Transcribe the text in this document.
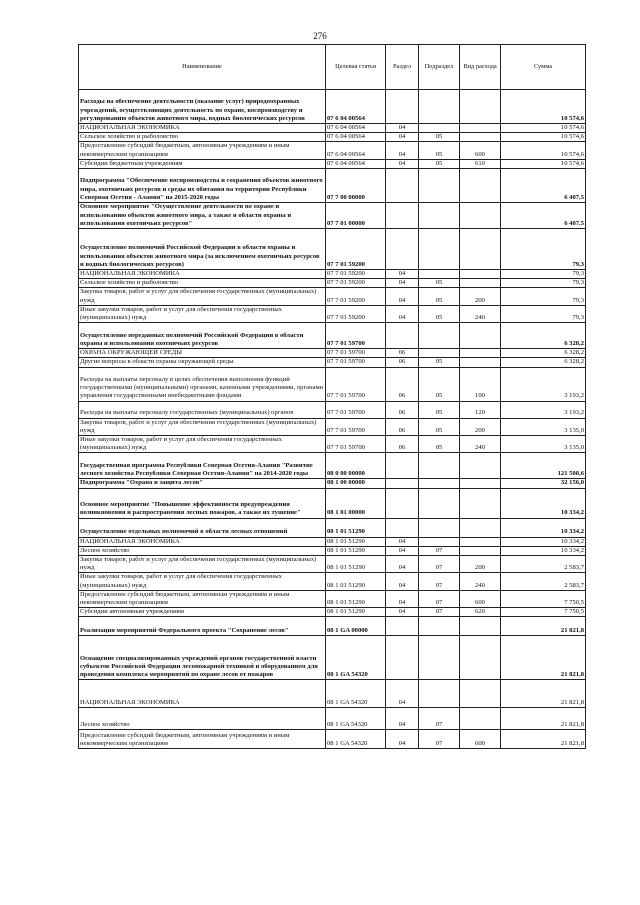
276
Наименование	Целевая статья	Раздел	Подраздел	Вид расхода	Сумма
Расходы на обеспечение деятельности (оказание услуг) природоохранных учреждений, осуществляющих деятельность по охране, воспроизводству и регулированию объектов животного мира, водных биологических ресурсов	07 6 04 00564				10 574,6
НАЦИОНАЛЬНАЯ ЭКОНОМИКА	07 6 04 00564	04			10 574,6
Сельское хозяйство и рыболовство	07 6 04 00564	04	05		10 574,6
Предоставление субсидий бюджетным, автономным учреждениям и иным некоммерческим организациям	07 6 04 00564	04	05	600	10 574,6
Субсидии бюджетным учреждениям	07 6 04 00564	04	05	610	10 574,6
Подпрограмма "Обеспечение воспроизводства и сохранения объектов животного мира, охотничьих ресурсов и среды их обитания на территории Республики Северная Осетия - Алания" на 2015-2020 годы	07 7 00 00000				6 407,5
Основное мероприятие "Осуществление деятельности по охране и использованию объектов животного мира, а также и области охраны и использования охотничьих ресурсов"	07 7 01 00000				6 407,5
Осуществление полномочий Российской Федерации в области охраны и использования объектов животного мира (за исключением охотничьих ресурсов и водных биологических ресурсов)	07 7 01 59200				79,3
НАЦИОНАЛЬНАЯ ЭКОНОМИКА	07 7 01 59200	04			79,3
Сельское хозяйство и рыболовство	07 7 01 59200	04	05		79,3
Закупка товаров, работ и услуг для обеспечения государственных (муниципальных) нужд	07 7 01 59200	04	05	200	79,3
Иные закупки товаров, работ и услуг для обеспечения государственных (муниципальных) нужд	07 7 01 59200	04	05	240	79,3
Осуществление переданных полномочий Российской Федерации в области охраны и использования охотничьих ресурсов	07 7 01 59700				6 328,2
ОХРАНА ОКРУЖАЮЩЕЙ СРЕДЫ	07 7 01 59700	06			6 328,2
Другие вопросы в области охраны окружающей среды	07 7 01 59700	06	05		6 328,2
Расходы на выплаты персоналу в целях обеспечения выполнения функций государственными (муниципальными) органами, казенными учреждениями, органами управления государственными внебюджетными фондами	07 7 01 59700	06	05	100	3 193,2
Расходы на выплаты персоналу государственных (муниципальных) органов	07 7 01 59700	06	05	120	3 193,2
Закупка товаров, работ и услуг для обеспечения государственных (муниципальных) нужд	07 7 01 59700	06	05	200	3 135,0
Иные закупки товаров, работ и услуг для обеспечения государственных (муниципальных) нужд	07 7 01 59700	06	05	240	3 135,0
Государственная программа Республики Северная Осетия-Алания "Развитие лесного хозяйства Республики Северная Осетия-Алания" на 2014-2020 годы	08 0 00 00000				121 508,6
Подпрограмма "Охрана и защита лесов"	08 1 00 00000				32 156,0
Основное мероприятие "Повышение эффективности предупреждения возникновения и распространения лесных пожаров, а также их тушение"	08 1 01 00000				10 334,2
Осуществление отдельных полномочий в области лесных отношений	08 1 01 51290				10 334,2
НАЦИОНАЛЬНАЯ ЭКОНОМИКА	08 1 01 51290	04			10 334,2
Лесное хозяйство	08 1 01 51290	04	07		10 334,2
Закупка товаров, работ и услуг для обеспечения государственных (муниципальных) нужд	08 1 01 51290	04	07	200	2 583,7
Иные закупки товаров, работ и услуг для обеспечения государственных (муниципальных) нужд	08 1 01 51290	04	07	240	2 583,7
Предоставление субсидий бюджетным, автономным учреждениям и иным некоммерческим организациям	08 1 01 51290	04	07	600	7 750,5
Субсидии автономным учреждениям	08 1 01 51290	04	07	620	7 750,5
Реализация мероприятий Федерального проекта "Сохранение лесов"	08 1 GA 00000				21 821,8
Оснащение специализированных учреждений органов государственной власти субъектов Российской Федерации лесопожарной техникой и оборудованием для проведения комплекса мероприятий по охране лесов от пожаров	08 1 GA 54320				21 821,8
НАЦИОНАЛЬНАЯ ЭКОНОМИКА	08 1 GA 54320	04			21 821,8
Лесное хозяйство	08 1 GA 54320	04	07		21 821,8
Предоставление субсидий бюджетным, автономным учреждениям и иным некоммерческим организациям	08 1 GA 54320	04	07	600	21 821,8
